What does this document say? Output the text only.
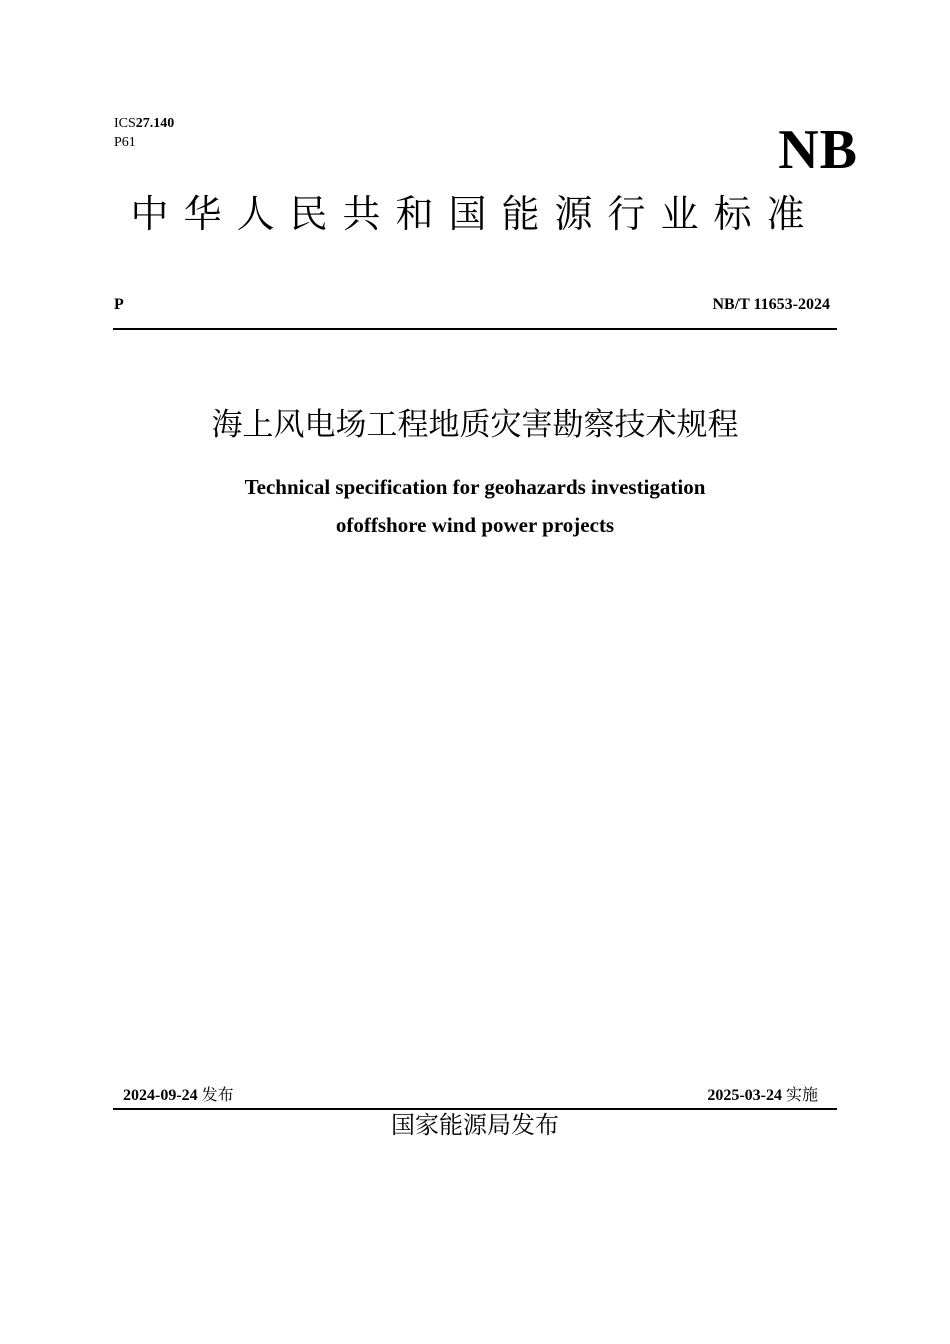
ICS27.140
P61	NB
中华人民共和国能源行业标准
P	NB/T 11653-2024
海上风电场工程地质灾害勘察技术规程
Technical specification for geohazards investigation
ofoffshore wind power projects
2024-09-24 发布	2025-03-24 实施
国家能源局发布
